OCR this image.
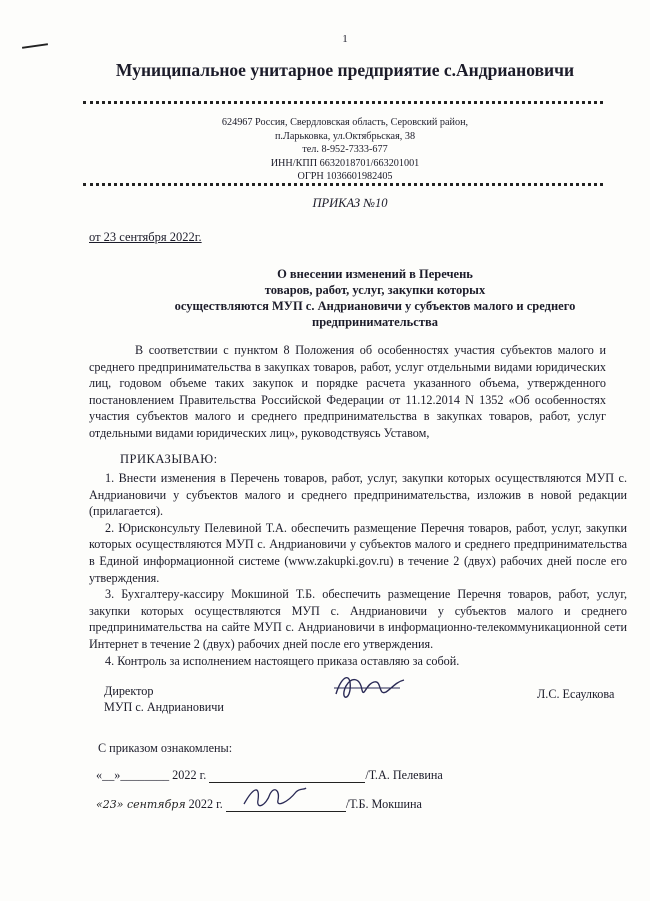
1
Муниципальное унитарное предприятие с.Андриановичи
624967 Россия, Свердловская область, Серовский район,
п.Ларьковка, ул.Октябрьская, 38
тел. 8-952-7333-677
ИНН/КПП 6632018701/663201001
ОГРН 1036601982405
ПРИКАЗ №10
от 23 сентября 2022г.
О внесении изменений в Перечень
товаров, работ, услуг, закупки которых
осуществляются МУП с. Андриановичи у субъектов малого и среднего
предпринимательства
В соответствии с пунктом 8 Положения об особенностях участия субъектов малого и среднего предпринимательства в закупках товаров, работ, услуг отдельными видами юридических лиц, годовом объеме таких закупок и порядке расчета указанного объема, утвержденного постановлением Правительства Российской Федерации от 11.12.2014 N 1352 «Об особенностях участия субъектов малого и среднего предпринимательства в закупках товаров, работ, услуг отдельными видами юридических лиц», руководствуясь Уставом,
ПРИКАЗЫВАЮ:
1. Внести изменения в Перечень товаров, работ, услуг, закупки которых осуществляются МУП с. Андриановичи у субъектов малого и среднего предпринимательства, изложив в новой редакции (прилагается).
2. Юрисконсульту Пелевиной Т.А. обеспечить размещение Перечня товаров, работ, услуг, закупки которых осуществляются МУП с. Андриановичи у субъектов малого и среднего предпринимательства в Единой информационной системе (www.zakupki.gov.ru) в течение 2 (двух) рабочих дней после его утверждения.
3. Бухгалтеру-кассиру Мокшиной Т.Б. обеспечить размещение Перечня товаров, работ, услуг, закупки которых осуществляются МУП с. Андриановичи у субъектов малого и среднего предпринимательства на сайте МУП с. Андриановичи в информационно-телекоммуникационной сети Интернет в течение 2 (двух) рабочих дней после его утверждения.
4. Контроль за исполнением настоящего приказа оставляю за собой.
Директор
МУП с. Андриановичи
Л.С. Есаулкова
С приказом ознакомлены:
«__»________ 2022 г.	/Т.А. Пелевина
«23» сентября 2022 г.	/Т.Б. Мокшина
